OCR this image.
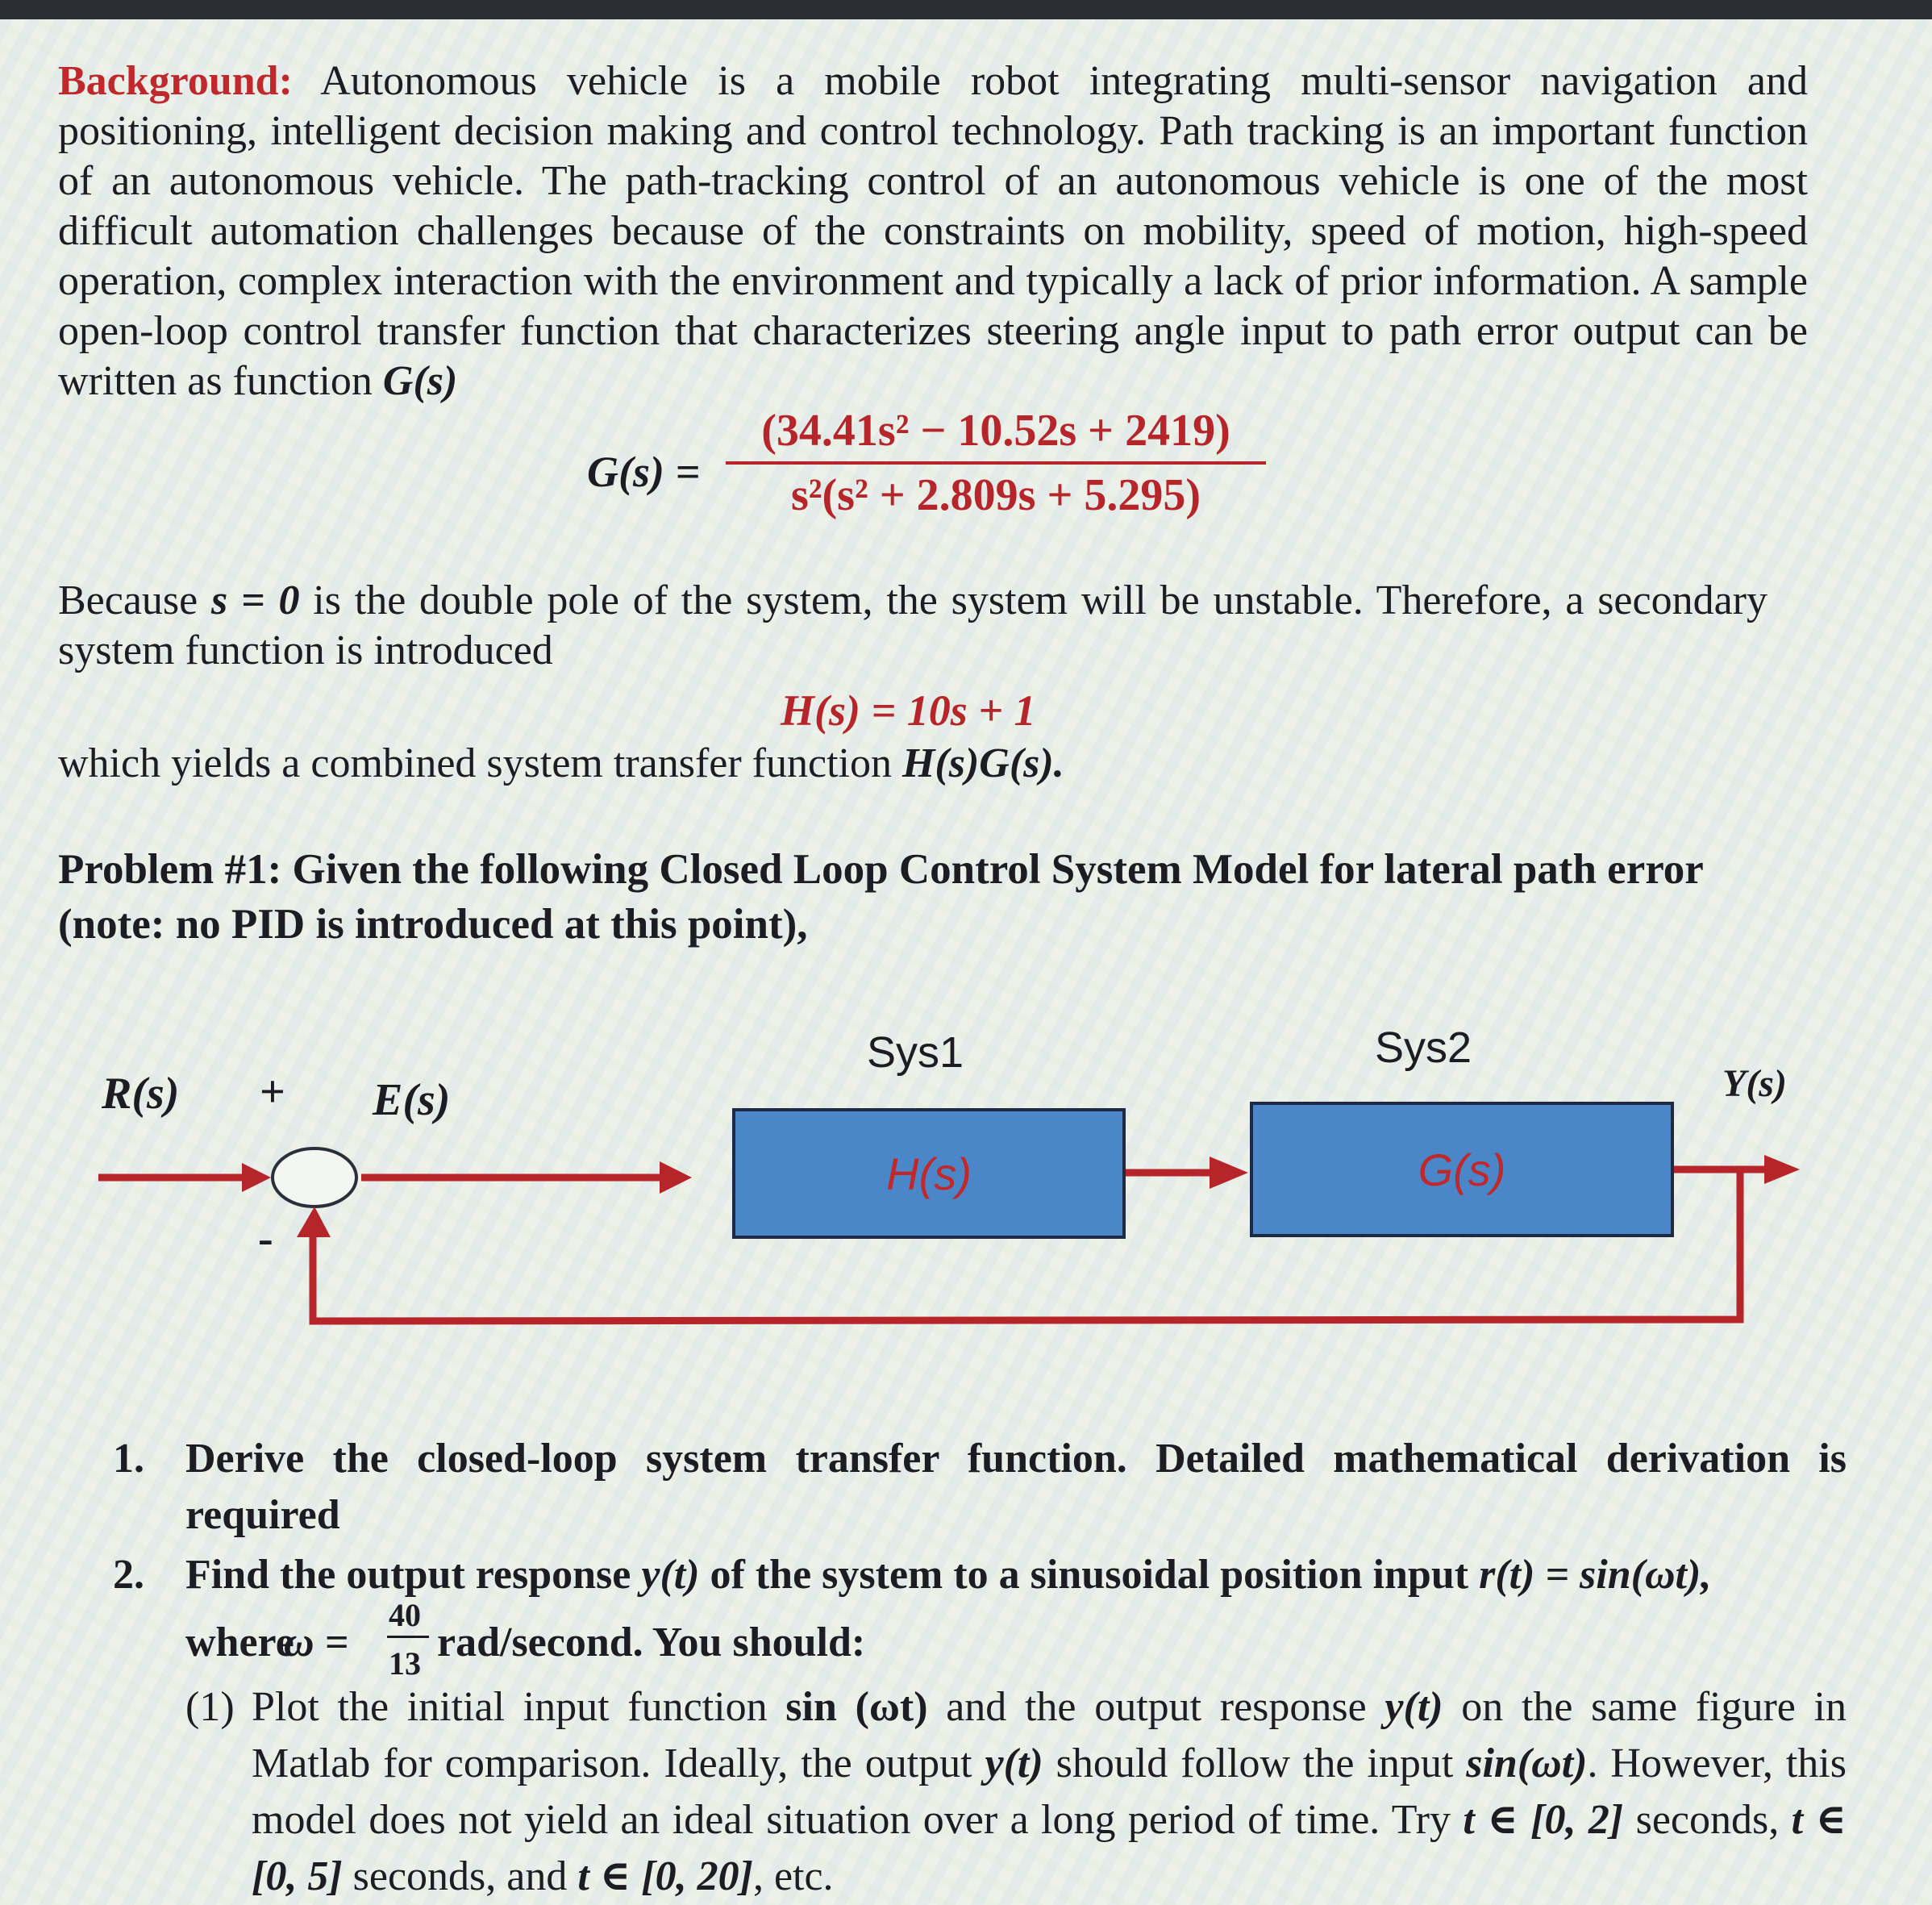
Background: Autonomous vehicle is a mobile robot integrating multi-sensor navigation and positioning, intelligent decision making and control technology. Path tracking is an important function of an autonomous vehicle. The path-tracking control of an autonomous vehicle is one of the most difficult automation challenges because of the constraints on mobility, speed of motion, high-speed operation, complex interaction with the environment and typically a lack of prior information. A sample open-loop control transfer function that characterizes steering angle input to path error output can be written as function G(s)
G(s) =
(34.41s² − 10.52s + 2419)
s²(s² + 2.809s + 5.295)
Because s = 0 is the double pole of the system, the system will be unstable. Therefore, a secondary system function is introduced
H(s) = 10s + 1
which yields a combined system transfer function H(s)G(s).
Problem #1: Given the following Closed Loop Control System Model for lateral path error
(note: no PID is introduced at this point),
Sys1	Sys2
R(s) + E(s)
-
Y(s)
H(s)	G(s)
1. Derive the closed-loop system transfer function. Detailed mathematical derivation is required
2. Find the output response y(t) of the system to a sinusoidal position input r(t) = sin(ωt),
where
ω =
40
13 rad/second. You should:
(1) Plot the initial input function sin (ωt) and the output response y(t) on the same figure in Matlab for comparison. Ideally, the output y(t) should follow the input sin(ωt). However, this model does not yield an ideal situation over a long period of time. Try t ∈ [0, 2] seconds, t ∈ [0, 5] seconds, and t ∈ [0, 20], etc.
